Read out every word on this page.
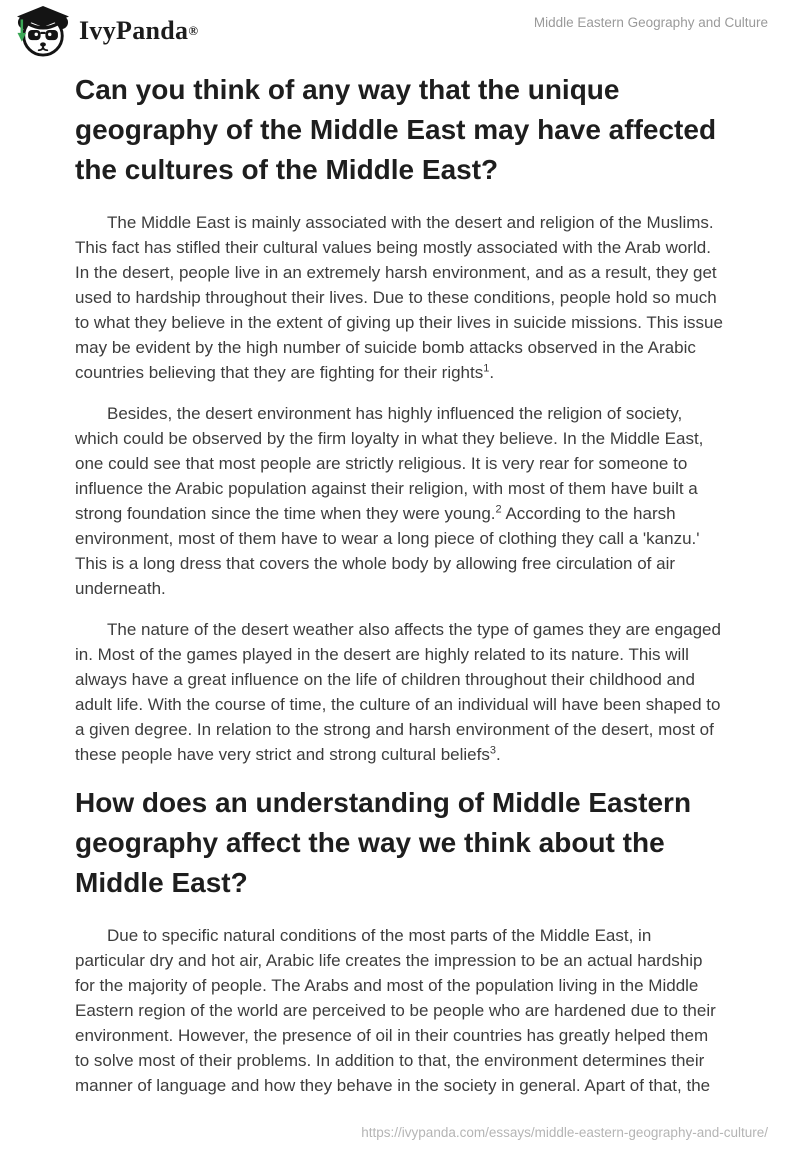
IvyPanda ®
Middle Eastern Geography and Culture
Can you think of any way that the unique geography of the Middle East may have affected the cultures of the Middle East?

The Middle East is mainly associated with the desert and religion of the Muslims. This fact has stifled their cultural values being mostly associated with the Arab world. In the desert, people live in an extremely harsh environment, and as a result, they get used to hardship throughout their lives. Due to these conditions, people hold so much to what they believe in the extent of giving up their lives in suicide missions. This issue may be evident by the high number of suicide bomb attacks observed in the Arabic countries believing that they are fighting for their rights$^1$.

Besides, the desert environment has highly influenced the religion of society, which could be observed by the firm loyalty in what they believe. In the Middle East, one could see that most people are strictly religious. It is very rear for someone to influence the Arabic population against their religion, with most of them have built a strong foundation since the time when they were young.$^2$ According to the harsh environment, most of them have to wear a long piece of clothing they call a 'kanzu.' This is a long dress that covers the whole body by allowing free circulation of air underneath.

The nature of the desert weather also affects the type of games they are engaged in. Most of the games played in the desert are highly related to its nature. This will always have a great influence on the life of children throughout their childhood and adult life. With the course of time, the culture of an individual will have been shaped to a given degree. In relation to the strong and harsh environment of the desert, most of these people have very strict and strong cultural beliefs$^3$.

How does an understanding of Middle Eastern geography affect the way we think about the Middle East?

Due to specific natural conditions of the most parts of the Middle East, in particular dry and hot air, Arabic life creates the impression to be an actual hardship for the majority of people. The Arabs and most of the population living in the Middle Eastern region of the world are perceived to be people who are hardened due to their environment. However, the presence of oil in their countries has greatly helped them to solve most of their problems. In addition to that, the environment determines their manner of language and how they behave in the society in general. Apart of that, the

https://ivypanda.com/essays/middle-eastern-geography-and-culture/
